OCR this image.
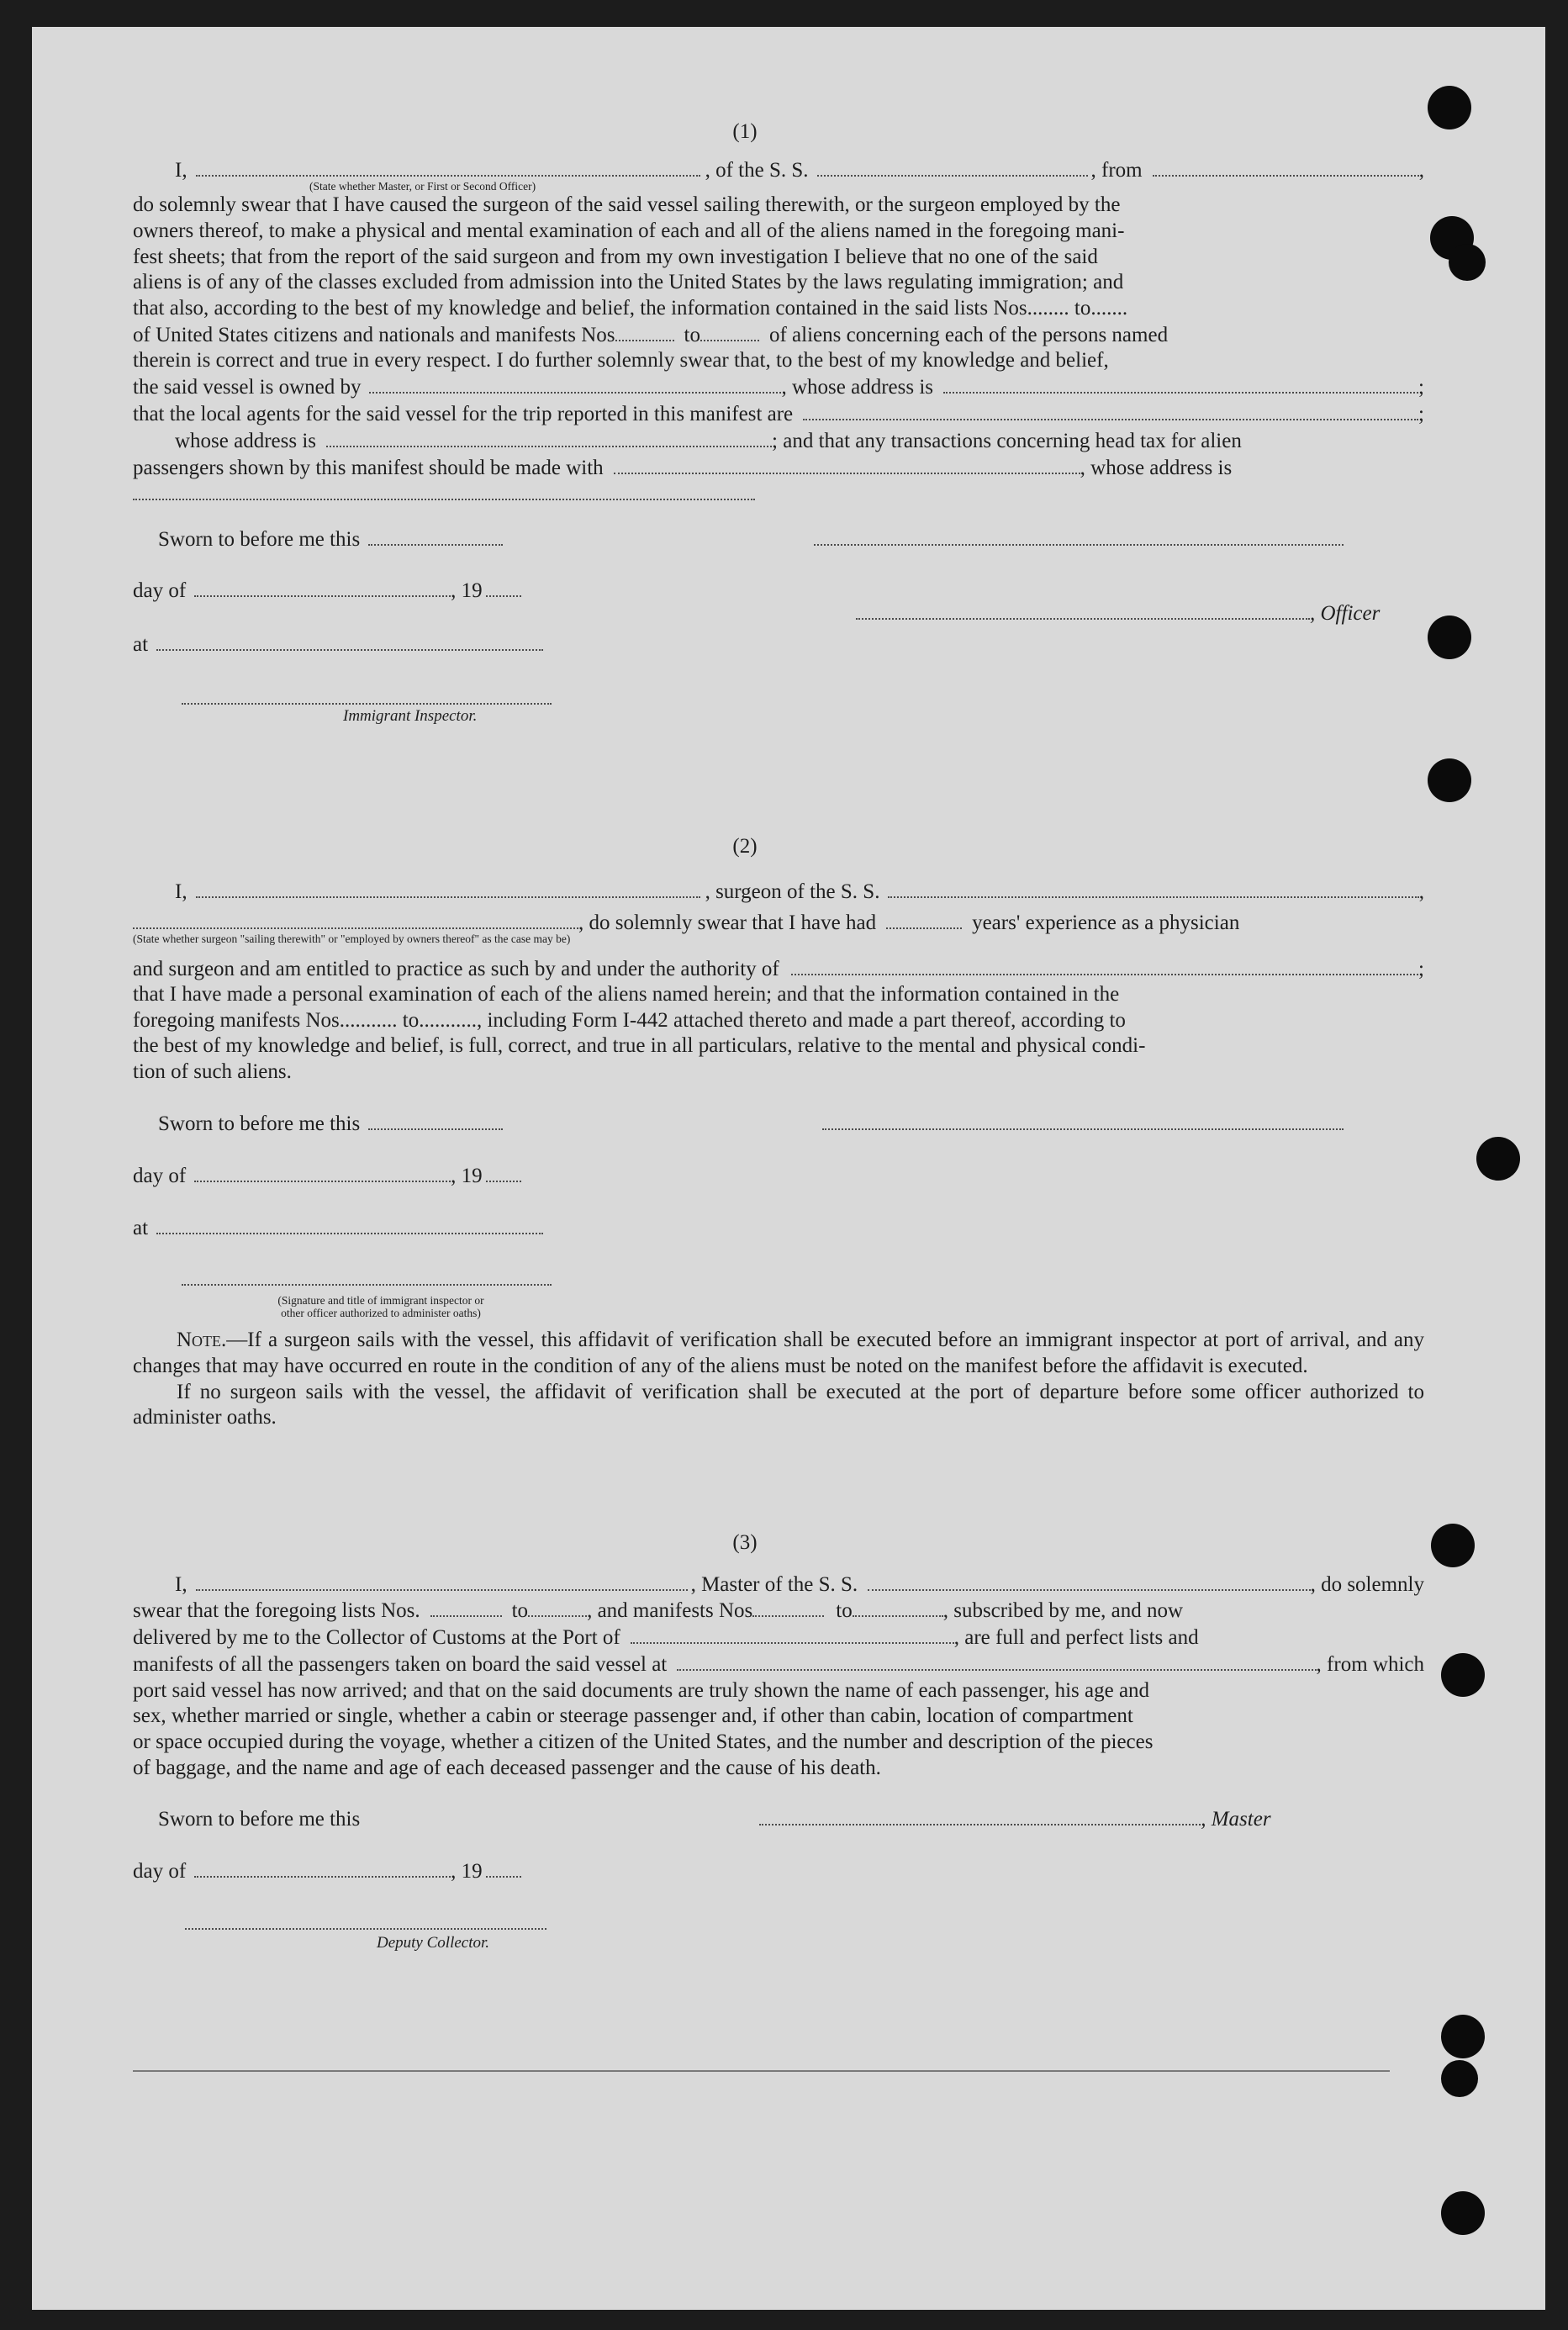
(1)
I,	, of the S. S.	, from	,
(State whether Master, or First or Second Officer)

do solemnly swear that I have caused the surgeon of the said vessel sailing therewith, or the surgeon employed by the

owners thereof, to make a physical and mental examination of each and all of the aliens named in the foregoing mani-

fest sheets; that from the report of the said surgeon and from my own investigation I believe that no one of the said

aliens is of any of the classes excluded from admission into the United States by the laws regulating immigration; and

that also, according to the best of my knowledge and belief, the information contained in the said lists Nos........ to.......

of United States citizens and nationals and manifests Nos	to	of aliens concerning each of the persons named

therein is correct and true in every respect. I do further solemnly swear that, to the best of my knowledge and belief,

the said vessel is owned by	, whose address is	;
that the local agents for the said vessel for the trip reported in this manifest are	;
whose address is	; and that any transactions concerning head tax for alien
passengers shown by this manifest should be made with	, whose address is
Sworn to before me this
day of	, 19
, Officer
at
Immigrant Inspector.
(2)
I,	, surgeon of the S. S.	,
, do solemnly swear that I have had	years' experience as a physician
(State whether surgeon "sailing therewith" or "employed by owners thereof" as the case may be)
and surgeon and am entitled to practice as such by and under the authority of	;

that I have made a personal examination of each of the aliens named herein; and that the information contained in the

foregoing manifests Nos........... to..........., including Form I-442 attached thereto and made a part thereof, according to

the best of my knowledge and belief, is full, correct, and true in all particulars, relative to the mental and physical condi-

tion of such aliens.

Sworn to before me this
day of	, 19
at
(Signature and title of immigrant inspector or
other officer authorized to administer oaths)

Note.—If a surgeon sails with the vessel, this affidavit of verification shall be executed before an immigrant inspector at port of arrival, and any changes that may have occurred en route in the condition of any of the aliens must be noted on the manifest before the affidavit is executed.

If no surgeon sails with the vessel, the affidavit of verification shall be executed at the port of departure before some officer authorized to administer oaths.

(3)
I,	, Master of the S. S.	, do solemnly
swear that the foregoing lists Nos.	to	, and manifests Nos	to	, subscribed by me, and now
delivered by me to the Collector of Customs at the Port of	, are full and perfect lists and
manifests of all the passengers taken on board the said vessel at	, from which

port said vessel has now arrived; and that on the said documents are truly shown the name of each passenger, his age and

sex, whether married or single, whether a cabin or steerage passenger and, if other than cabin, location of compartment

or space occupied during the voyage, whether a citizen of the United States, and the number and description of the pieces

of baggage, and the name and age of each deceased passenger and the cause of his death.

Sworn to before me this	, Master
day of	, 19
Deputy Collector.
